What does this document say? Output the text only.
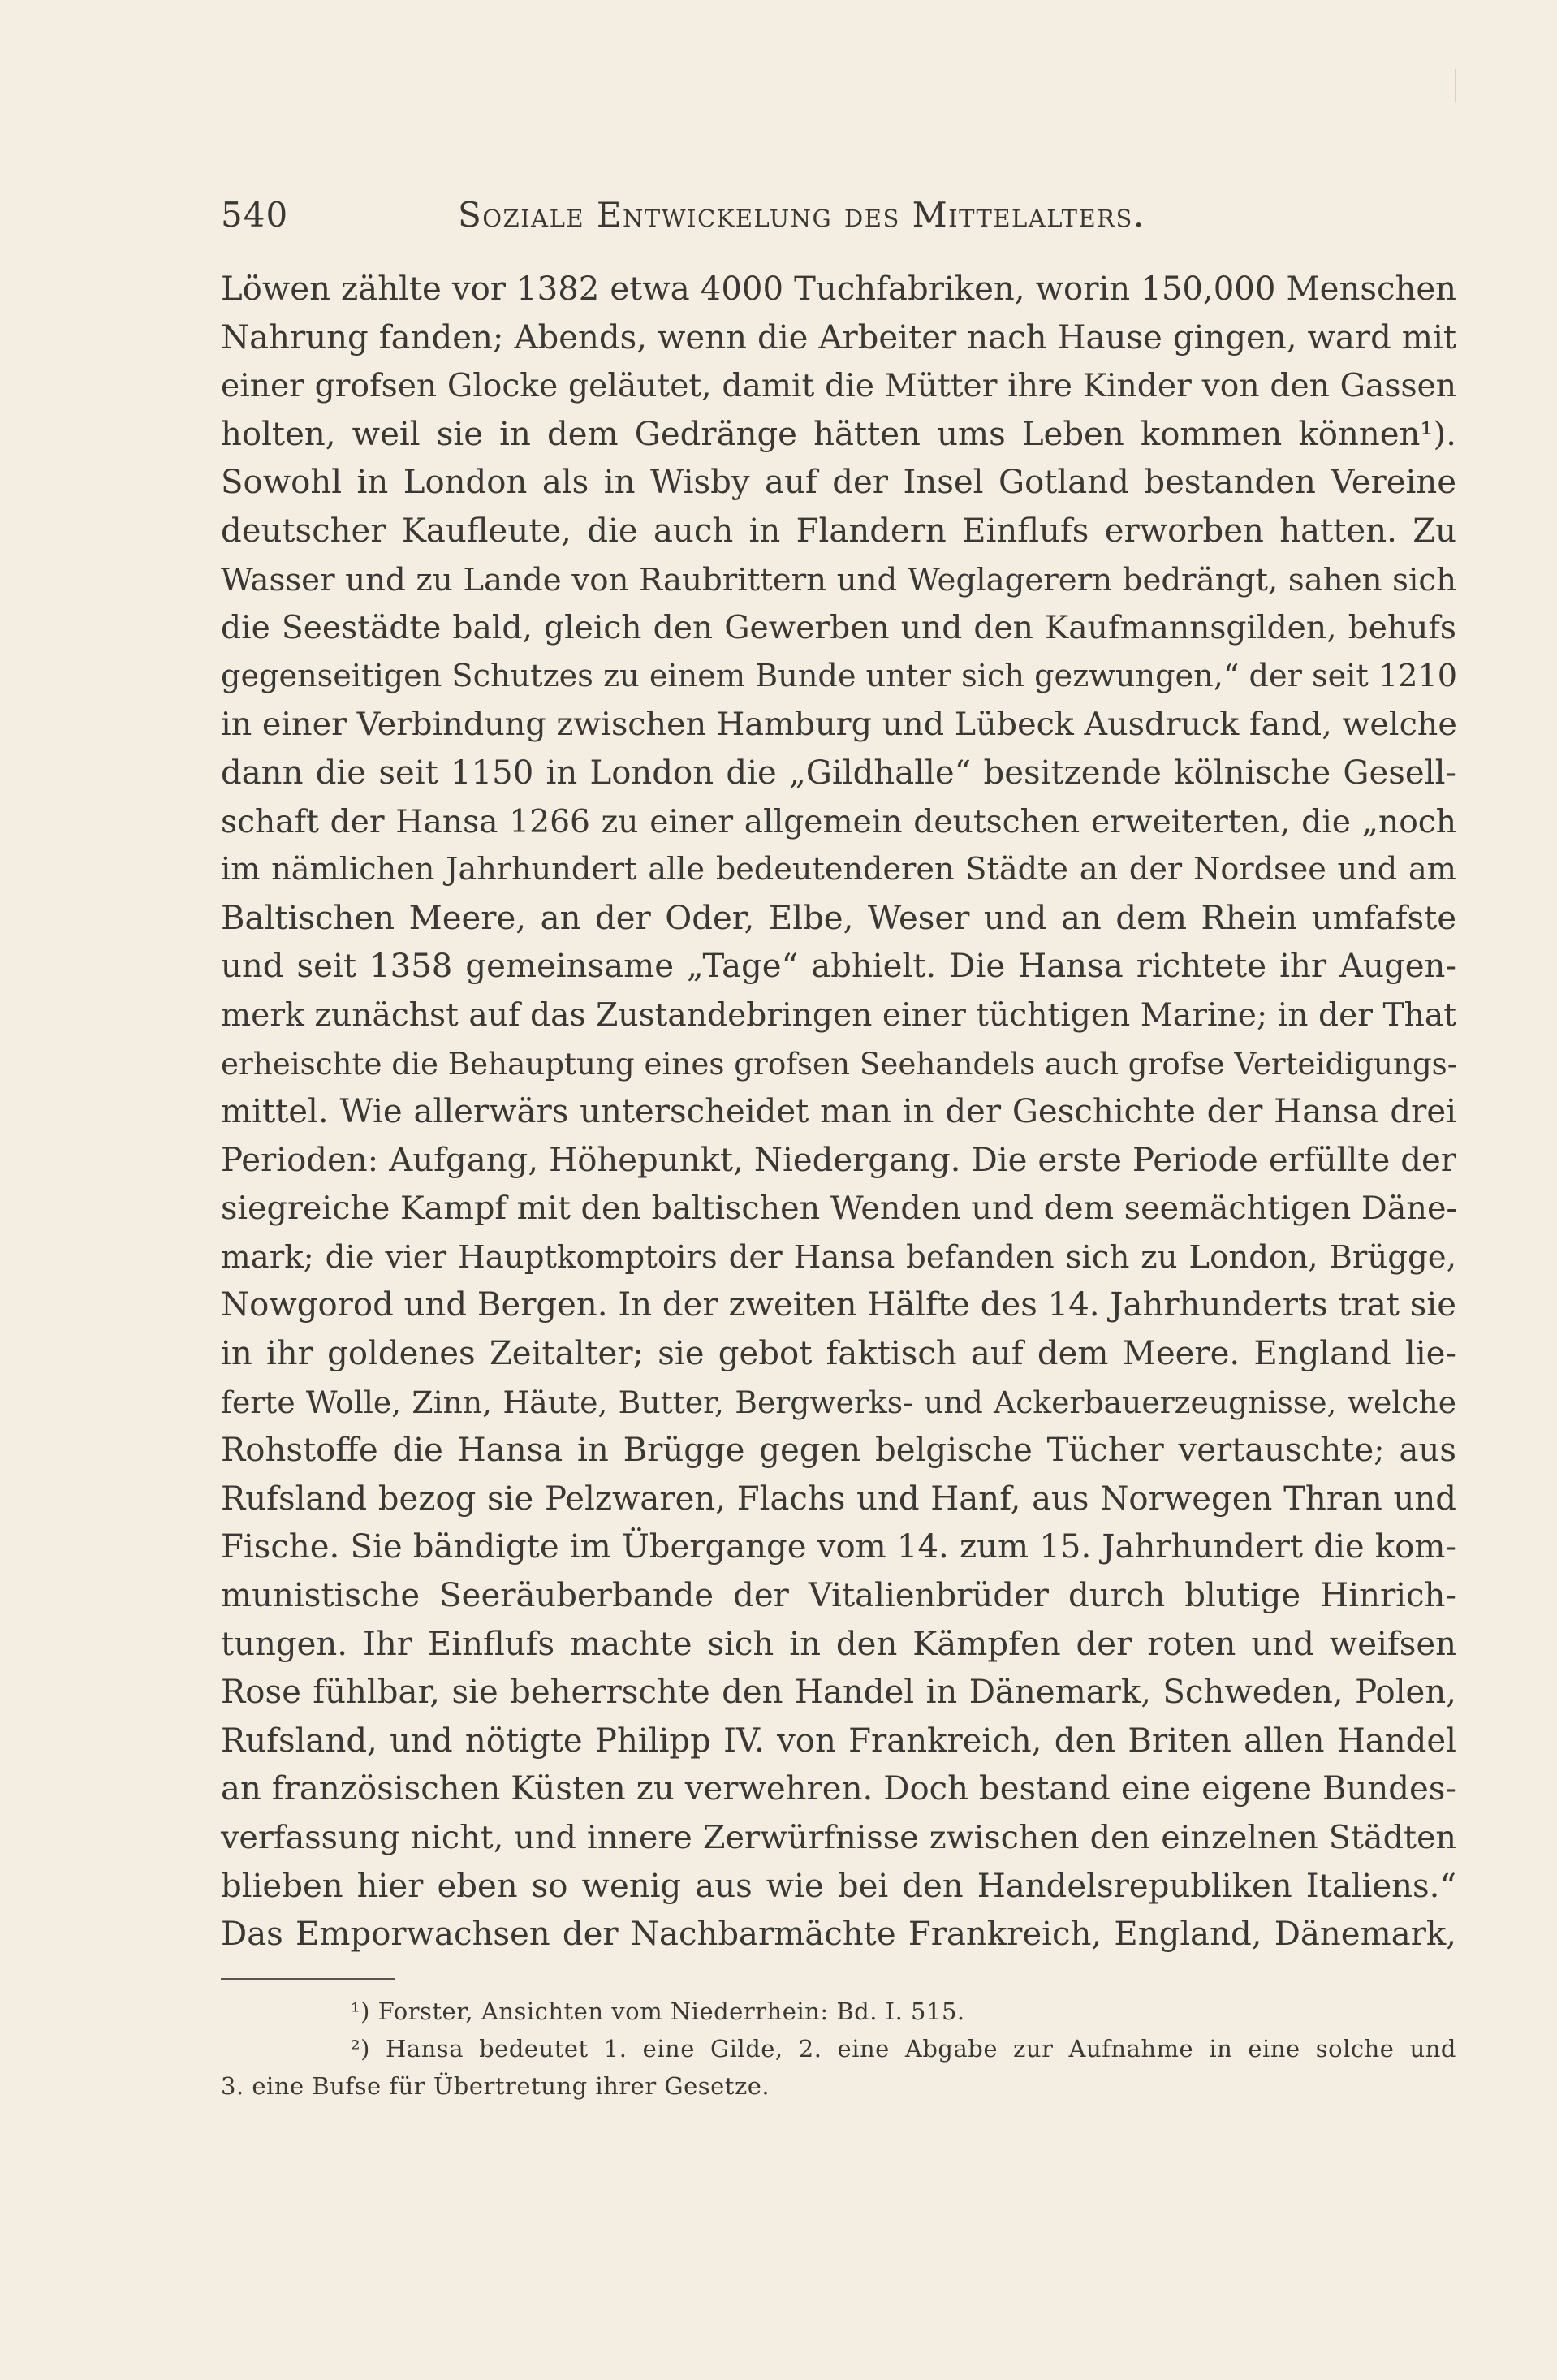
540	Soziale Entwickelung des Mittelalters.
Löwen zählte vor 1382 etwa 4000 Tuchfabriken, worin 150,000 Menschen
Nahrung fanden; Abends, wenn die Arbeiter nach Hause gingen, ward mit
einer grofsen Glocke geläutet, damit die Mütter ihre Kinder von den Gassen
holten, weil sie in dem Gedränge hätten ums Leben kommen können¹).
Sowohl in London als in Wisby auf der Insel Gotland bestanden Vereine
deutscher Kaufleute, die auch in Flandern Einflufs erworben hatten. Zu
Wasser und zu Lande von Raubrittern und Weglagerern bedrängt, sahen sich
die Seestädte bald, gleich den Gewerben und den Kaufmannsgilden, behufs
gegenseitigen Schutzes zu einem Bunde unter sich gezwungen,“ der seit 1210
in einer Verbindung zwischen Hamburg und Lübeck Ausdruck fand, welche
dann die seit 1150 in London die „Gildhalle“ besitzende kölnische Gesell-
schaft der Hansa 1266 zu einer allgemein deutschen erweiterten, die „noch
im nämlichen Jahrhundert alle bedeutenderen Städte an der Nordsee und am
Baltischen Meere, an der Oder, Elbe, Weser und an dem Rhein umfafste
und seit 1358 gemeinsame „Tage“ abhielt. Die Hansa richtete ihr Augen-
merk zunächst auf das Zustandebringen einer tüchtigen Marine; in der That
erheischte die Behauptung eines grofsen Seehandels auch grofse Verteidigungs-
mittel. Wie allerwärs unterscheidet man in der Geschichte der Hansa drei
Perioden: Aufgang, Höhepunkt, Niedergang. Die erste Periode erfüllte der
siegreiche Kampf mit den baltischen Wenden und dem seemächtigen Däne-
mark; die vier Hauptkomptoirs der Hansa befanden sich zu London, Brügge,
Nowgorod und Bergen. In der zweiten Hälfte des 14. Jahrhunderts trat sie
in ihr goldenes Zeitalter; sie gebot faktisch auf dem Meere. England lie-
ferte Wolle, Zinn, Häute, Butter, Bergwerks- und Ackerbauerzeugnisse, welche
Rohstoffe die Hansa in Brügge gegen belgische Tücher vertauschte; aus
Rufsland bezog sie Pelzwaren, Flachs und Hanf, aus Norwegen Thran und
Fische. Sie bändigte im Übergange vom 14. zum 15. Jahrhundert die kom-
munistische Seeräuberbande der Vitalienbrüder durch blutige Hinrich-
tungen. Ihr Einflufs machte sich in den Kämpfen der roten und weifsen
Rose fühlbar, sie beherrschte den Handel in Dänemark, Schweden, Polen,
Rufsland, und nötigte Philipp IV. von Frankreich, den Briten allen Handel
an französischen Küsten zu verwehren. Doch bestand eine eigene Bundes-
verfassung nicht, und innere Zerwürfnisse zwischen den einzelnen Städten
blieben hier eben so wenig aus wie bei den Handelsrepubliken Italiens.“
Das Emporwachsen der Nachbarmächte Frankreich, England, Dänemark,
¹) Forster, Ansichten vom Niederrhein: Bd. I. 515.
²) Hansa bedeutet 1. eine Gilde, 2. eine Abgabe zur Aufnahme in eine solche und
3. eine Bufse für Übertretung ihrer Gesetze.
